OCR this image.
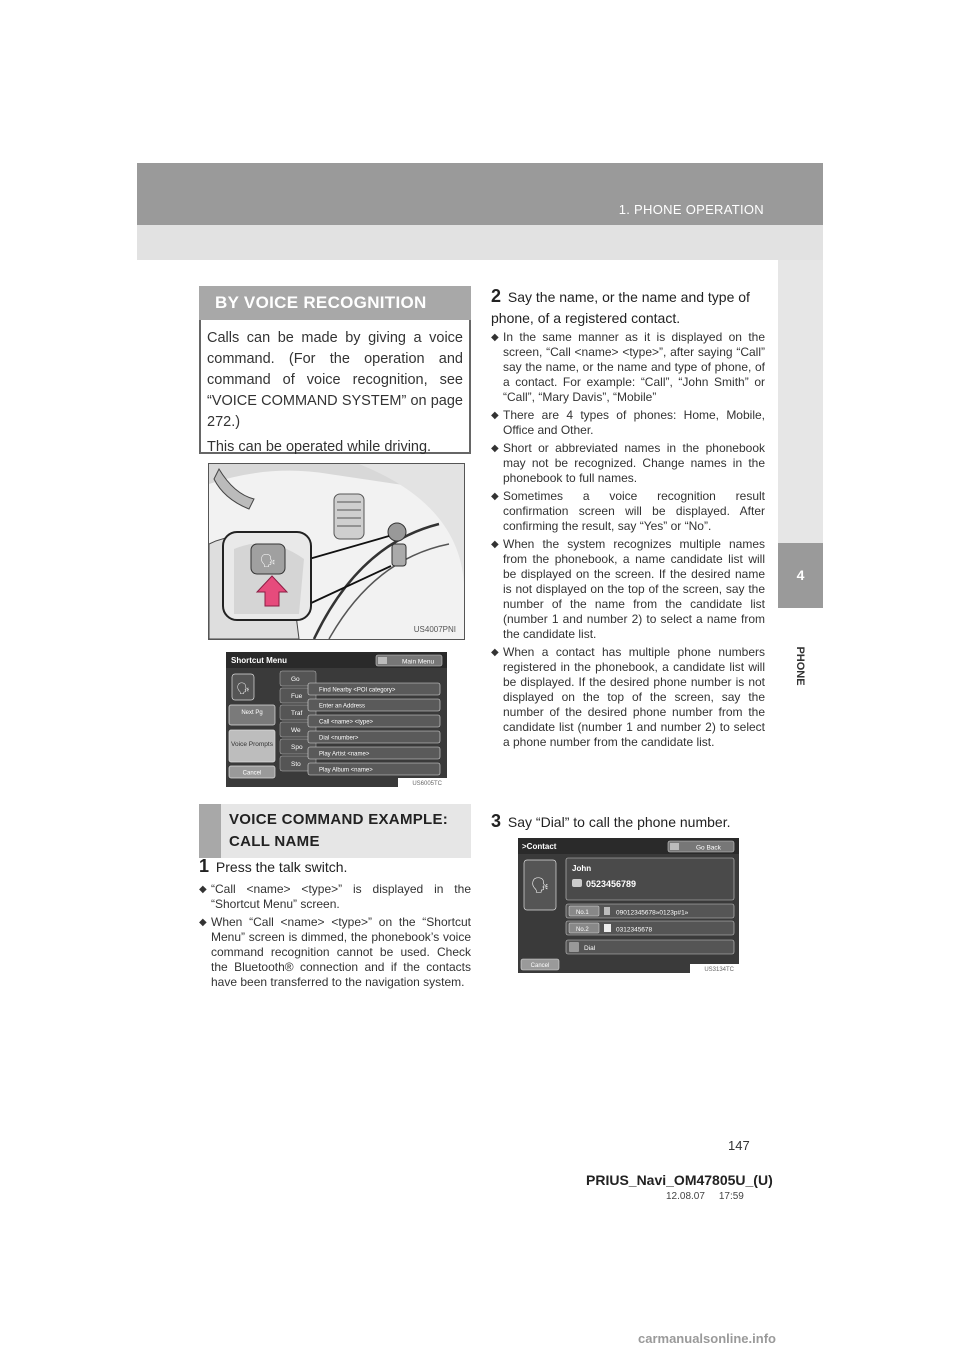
1. PHONE OPERATION
4
PHONE
BY VOICE RECOGNITION

Calls can be made by giving a voice command. (For the operation and command of voice recognition, see “VOICE COMMAND SYSTEM” on page 272.)

This can be operated while driving.

🗣
US4007PNI
Shortcut Menu	Main Menu
🗣
Next Pg
Voice Prompts
Cancel
Go
Fue
Traf
We
Spo
Sto
Find Nearby <POI category>
Enter an Address
Call <name> <type>
Dial <number>
Play Artist <name>
Play Album <name>
US6005TC
VOICE COMMAND EXAMPLE:
CALL NAME
1 Press the talk switch.
◆ “Call <name> <type>” is displayed in the “Shortcut Menu” screen.
◆ When “Call <name> <type>” on the “Shortcut Menu” screen is dimmed, the phonebook’s voice command recognition cannot be used. Check the Bluetooth® connection and if the contacts have been transferred to the navigation system.
2 Say the name, or the name and type of phone, of a registered contact.
◆ In the same manner as it is displayed on the screen, “Call <name> <type>”, after saying “Call” say the name, or the name and type of phone, of a contact. For example: “Call”, “John Smith” or “Call”, “Mary Davis”, “Mobile”
◆ There are 4 types of phones: Home, Mobile, Office and Other.
◆ Short or abbreviated names in the phonebook may not be recognized. Change names in the phonebook to full names.
◆ Sometimes a voice recognition result confirmation screen will be displayed. After confirming the result, say “Yes” or “No”.
◆ When the system recognizes multiple names from the phonebook, a name candidate list will be displayed on the screen. If the desired name is not displayed on the top of the screen, say the number of the name from the candidate list (number 1 and number 2) to select a name from the candidate list.
◆ When a contact has multiple phone numbers registered in the phonebook, a candidate list will be displayed. If the desired phone number is not displayed on the top of the screen, say the number of the desired phone number from the candidate list (number 1 and number 2) to select a phone number from the candidate list.
3 Say “Dial” to call the phone number.
>Contact	Go Back
🗣
John
0523456789
No.1	09012345678»0123p#1»
No.2	0312345678
Dial
Cancel
US3134TC
147
PRIUS_Navi_OM47805U_(U)
12.08.07     17:59
carmanualsonline.info
